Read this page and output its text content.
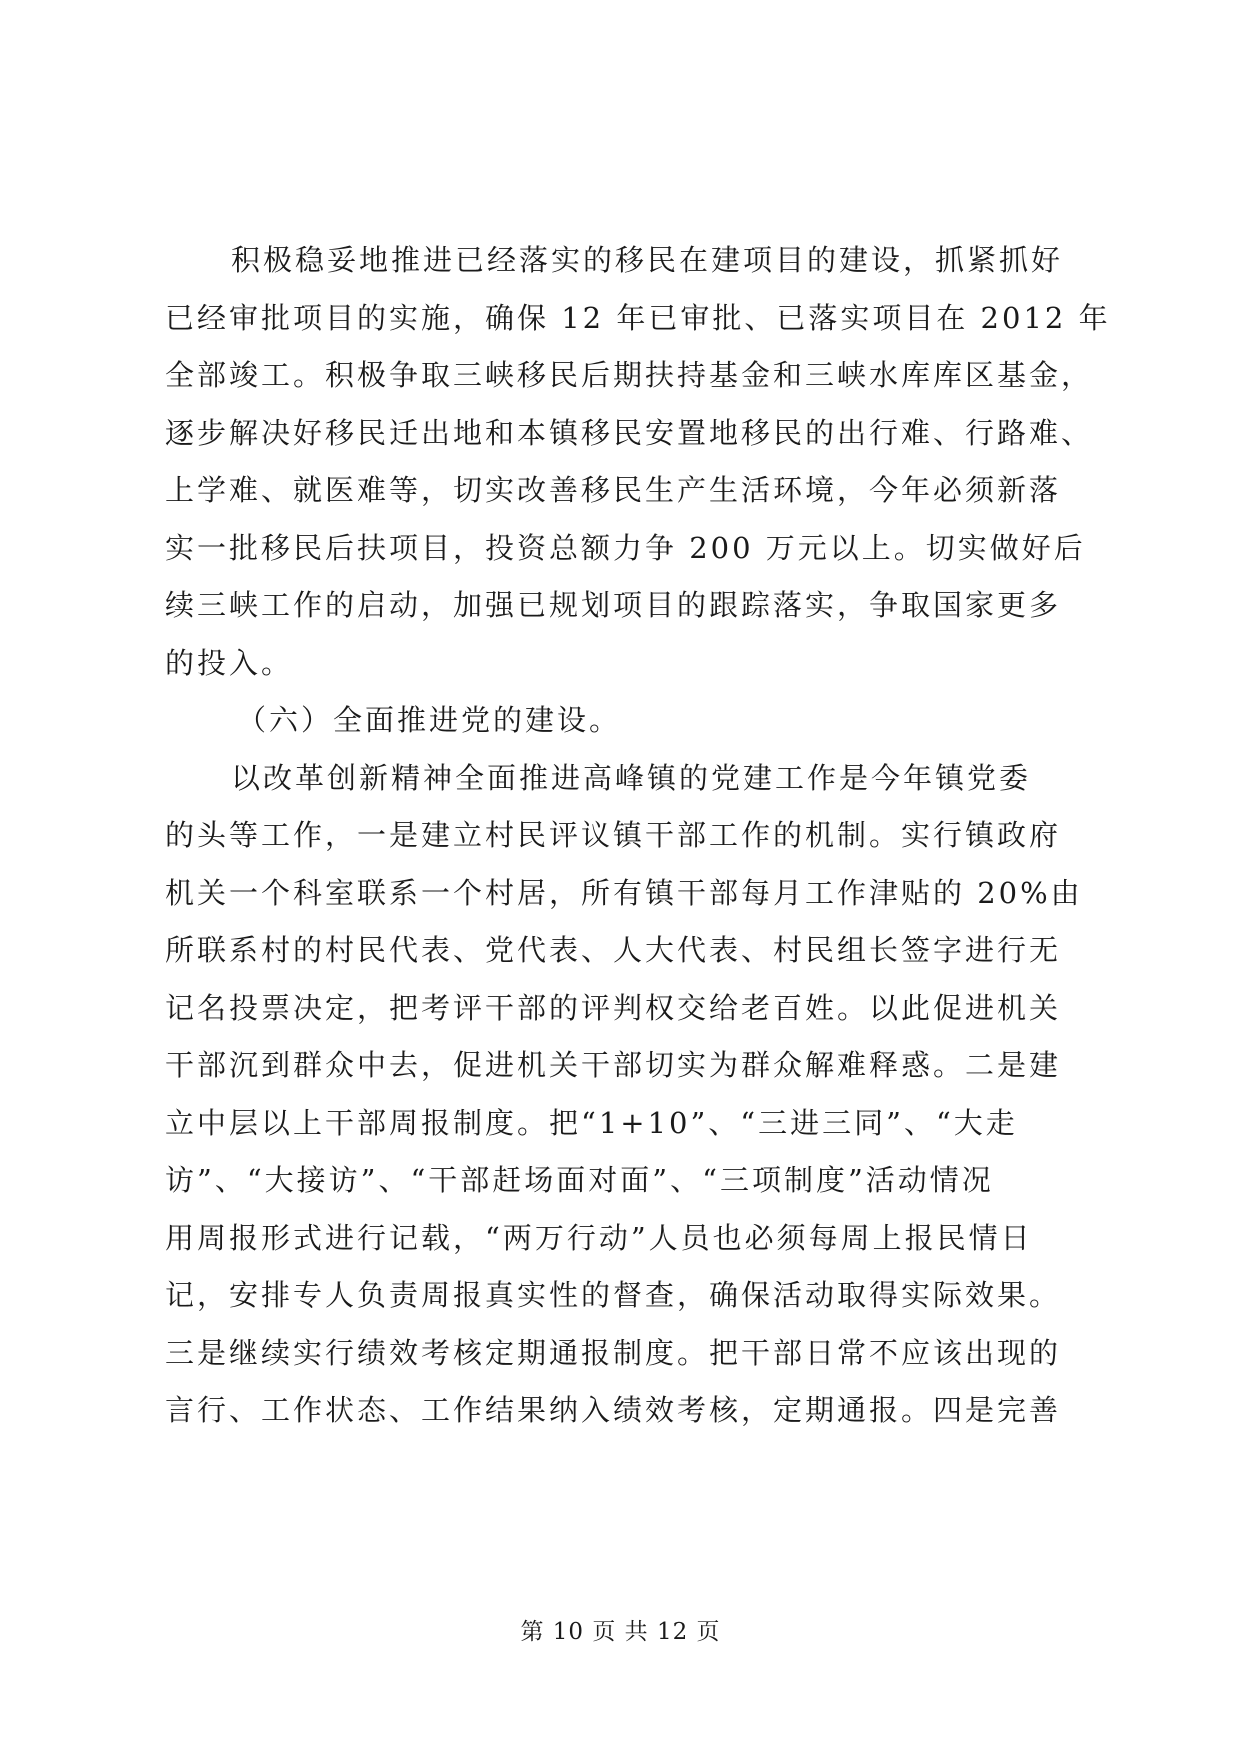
积极稳妥地推进已经落实的移民在建项目的建设，抓紧抓好
已经审批项目的实施，确保 12 年已审批、已落实项目在 2012 年
全部竣工。积极争取三峡移民后期扶持基金和三峡水库库区基金，
逐步解决好移民迁出地和本镇移民安置地移民的出行难、行路难、
上学难、就医难等，切实改善移民生产生活环境，今年必须新落
实一批移民后扶项目，投资总额力争 200 万元以上。切实做好后
续三峡工作的启动，加强已规划项目的跟踪落实，争取国家更多
的投入。
（六）全面推进党的建设。
以改革创新精神全面推进高峰镇的党建工作是今年镇党委
的头等工作，一是建立村民评议镇干部工作的机制。实行镇政府
机关一个科室联系一个村居，所有镇干部每月工作津贴的 20%由
所联系村的村民代表、党代表、人大代表、村民组长签字进行无
记名投票决定，把考评干部的评判权交给老百姓。以此促进机关
干部沉到群众中去，促进机关干部切实为群众解难释惑。二是建
立中层以上干部周报制度。把“1+10”、“三进三同”、“大走
访”、“大接访”、“干部赶场面对面”、“三项制度”活动情况
用周报形式进行记载，“两万行动”人员也必须每周上报民情日
记，安排专人负责周报真实性的督查，确保活动取得实际效果。
三是继续实行绩效考核定期通报制度。把干部日常不应该出现的
言行、工作状态、工作结果纳入绩效考核，定期通报。四是完善
第 10 页 共 12 页
